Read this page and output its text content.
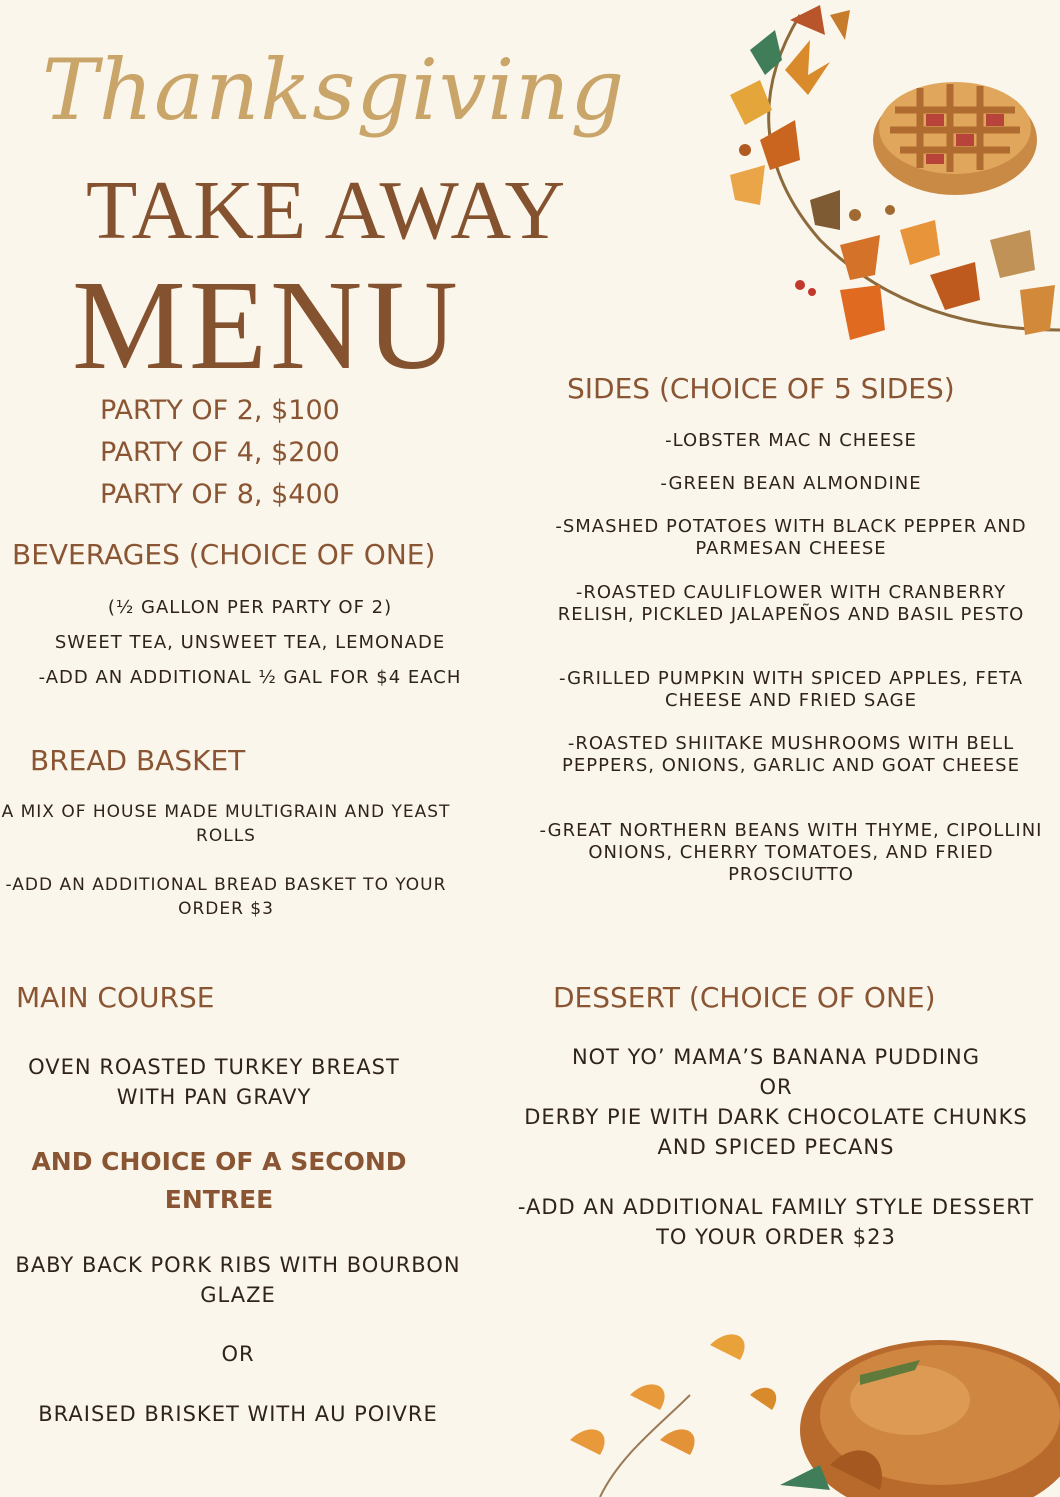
Thanksgiving
TAKE AWAY
MENU
PARTY OF 2, $100
PARTY OF 4, $200
PARTY OF 8, $400
BEVERAGES (CHOICE OF ONE)
(½ GALLON PER PARTY OF 2)
SWEET TEA, UNSWEET TEA, LEMONADE
-ADD AN ADDITIONAL ½ GAL FOR $4 EACH
BREAD BASKET
A MIX OF HOUSE MADE MULTIGRAIN AND YEAST ROLLS
-ADD AN ADDITIONAL BREAD BASKET TO YOUR ORDER $3
MAIN COURSE
OVEN ROASTED TURKEY BREAST WITH PAN GRAVY
AND CHOICE OF A SECOND ENTREE
BABY BACK PORK RIBS WITH BOURBON GLAZE
OR
BRAISED BRISKET WITH AU POIVRE
SIDES (CHOICE OF 5 SIDES)
-LOBSTER MAC N CHEESE
-GREEN BEAN ALMONDINE
-SMASHED POTATOES WITH BLACK PEPPER AND PARMESAN CHEESE
-ROASTED CAULIFLOWER WITH CRANBERRY RELISH, PICKLED JALAPEÑOS AND BASIL PESTO
-GRILLED PUMPKIN WITH SPICED APPLES, FETA CHEESE AND FRIED SAGE
-ROASTED SHIITAKE MUSHROOMS WITH BELL PEPPERS, ONIONS, GARLIC AND GOAT CHEESE
-GREAT NORTHERN BEANS WITH THYME, CIPOLLINI ONIONS, CHERRY TOMATOES, AND FRIED PROSCIUTTO
DESSERT (CHOICE OF ONE)
NOT YO’ MAMA’S BANANA PUDDING
OR
DERBY PIE WITH DARK CHOCOLATE CHUNKS AND SPICED PECANS
-ADD AN ADDITIONAL FAMILY STYLE DESSERT TO YOUR ORDER $23
